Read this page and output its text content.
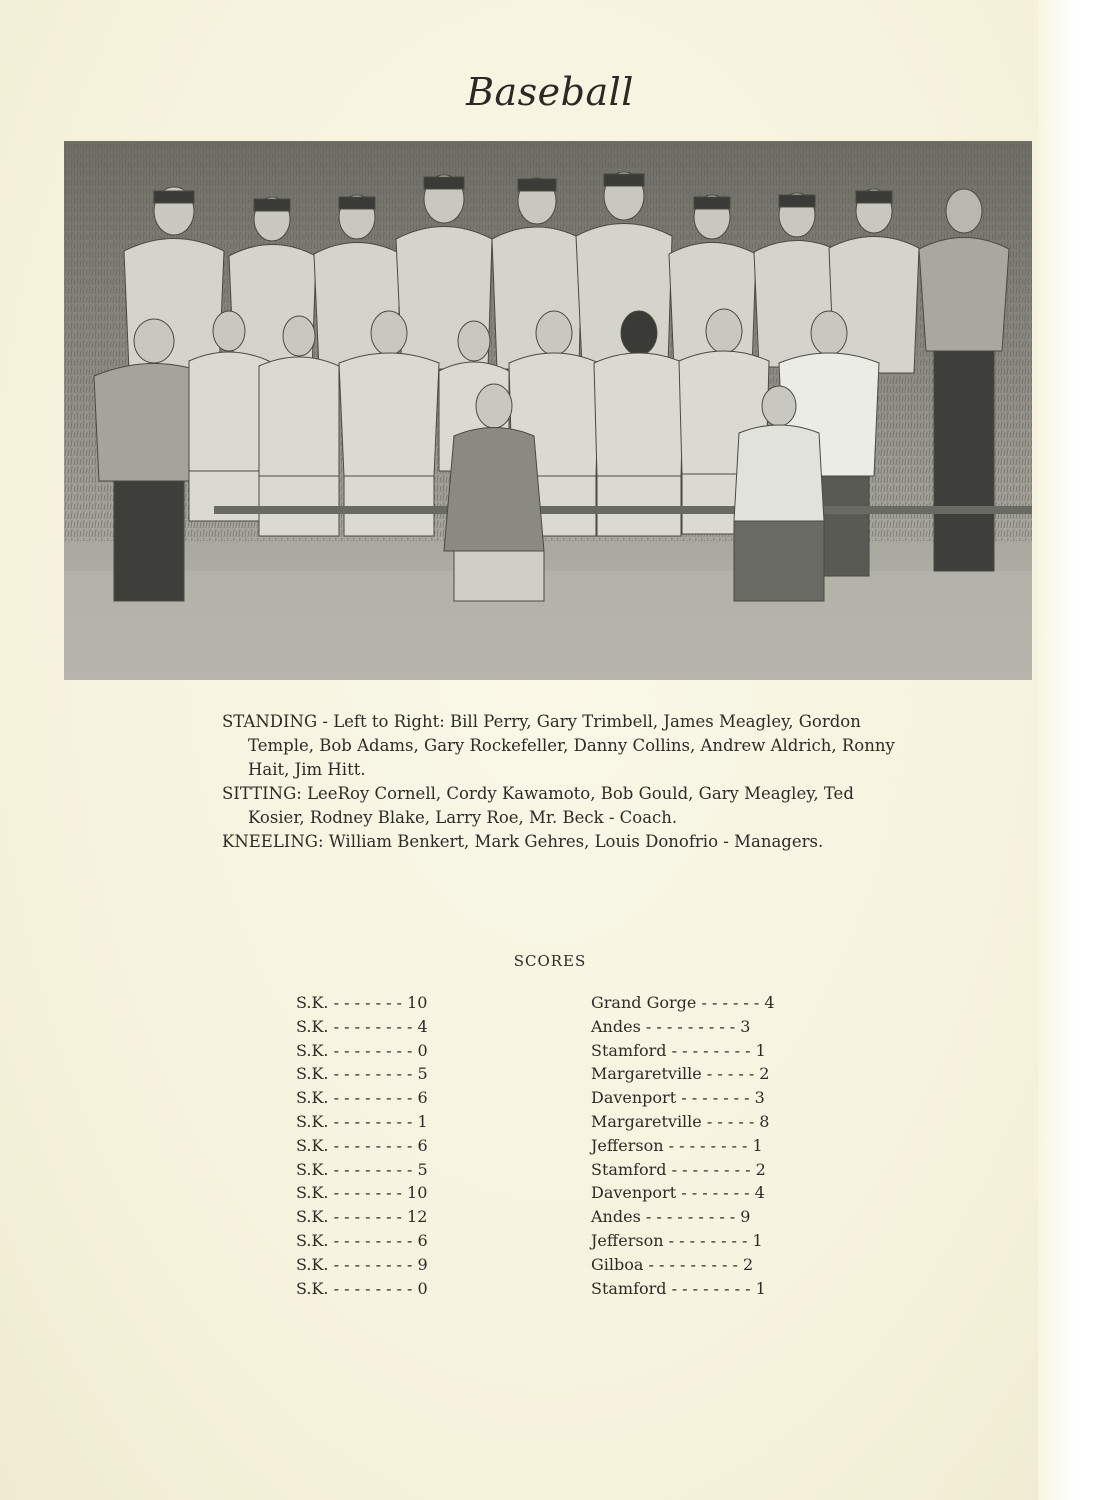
Baseball

STANDING - Left to Right: Bill Perry, Gary Trimbell, James Meagley, Gordon Temple, Bob Adams, Gary Rockefeller, Danny Collins, Andrew Aldrich, Ronny Hait, Jim Hitt.

SITTING: LeeRoy Cornell, Cordy Kawamoto, Bob Gould, Gary Meagley, Ted Kosier, Rodney Blake, Larry Roe, Mr. Beck - Coach.

KNEELING: William Benkert, Mark Gehres, Louis Donofrio - Managers.

SCORES
S.K. - - - - - - - 10	Grand Gorge - - - - - - 4
S.K. - - - - - - - - 4	Andes - - - - - - - - - 3
S.K. - - - - - - - - 0	Stamford - - - - - - - - 1
S.K. - - - - - - - - 5	Margaretville - - - - - 2
S.K. - - - - - - - - 6	Davenport - - - - - - - 3
S.K. - - - - - - - - 1	Margaretville - - - - - 8
S.K. - - - - - - - - 6	Jefferson - - - - - - - - 1
S.K. - - - - - - - - 5	Stamford - - - - - - - - 2
S.K. - - - - - - - 10	Davenport - - - - - - - 4
S.K. - - - - - - - 12	Andes - - - - - - - - - 9
S.K. - - - - - - - - 6	Jefferson - - - - - - - - 1
S.K. - - - - - - - - 9	Gilboa - - - - - - - - - 2
S.K. - - - - - - - - 0	Stamford - - - - - - - - 1
